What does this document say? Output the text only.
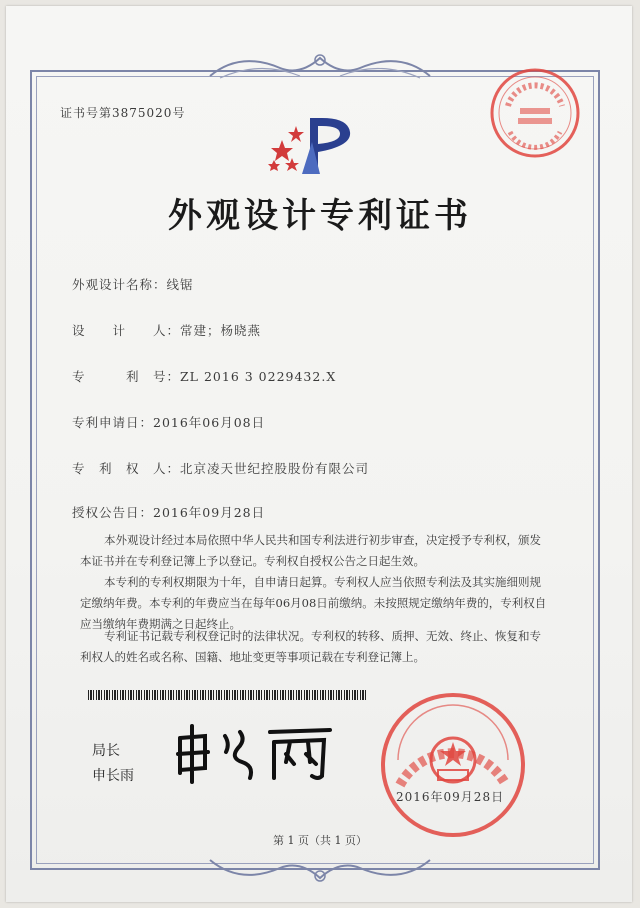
证书号第3875020号
外观设计专利证书
外观设计名称：线锯
设　　计　　人：常建；杨晓燕
专　　　利　号：ZL 2016 3 0229432.X
专利申请日：2016年06月08日
专　利　权　人：北京凌天世纪控股股份有限公司
授权公告日：2016年09月28日
本外观设计经过本局依照中华人民共和国专利法进行初步审查，决定授予专利权，颁发本证书并在专利登记簿上予以登记。专利权自授权公告之日起生效。
本专利的专利权期限为十年，自申请日起算。专利权人应当依照专利法及其实施细则规定缴纳年费。本专利的年费应当在每年06月08日前缴纳。未按照规定缴纳年费的，专利权自应当缴纳年费期满之日起终止。
专利证书记载专利权登记时的法律状况。专利权的转移、质押、无效、终止、恢复和专利权人的姓名或名称、国籍、地址变更等事项记载在专利登记簿上。
局长
申长雨
2016年09月28日
第 1 页（共 1 页）
